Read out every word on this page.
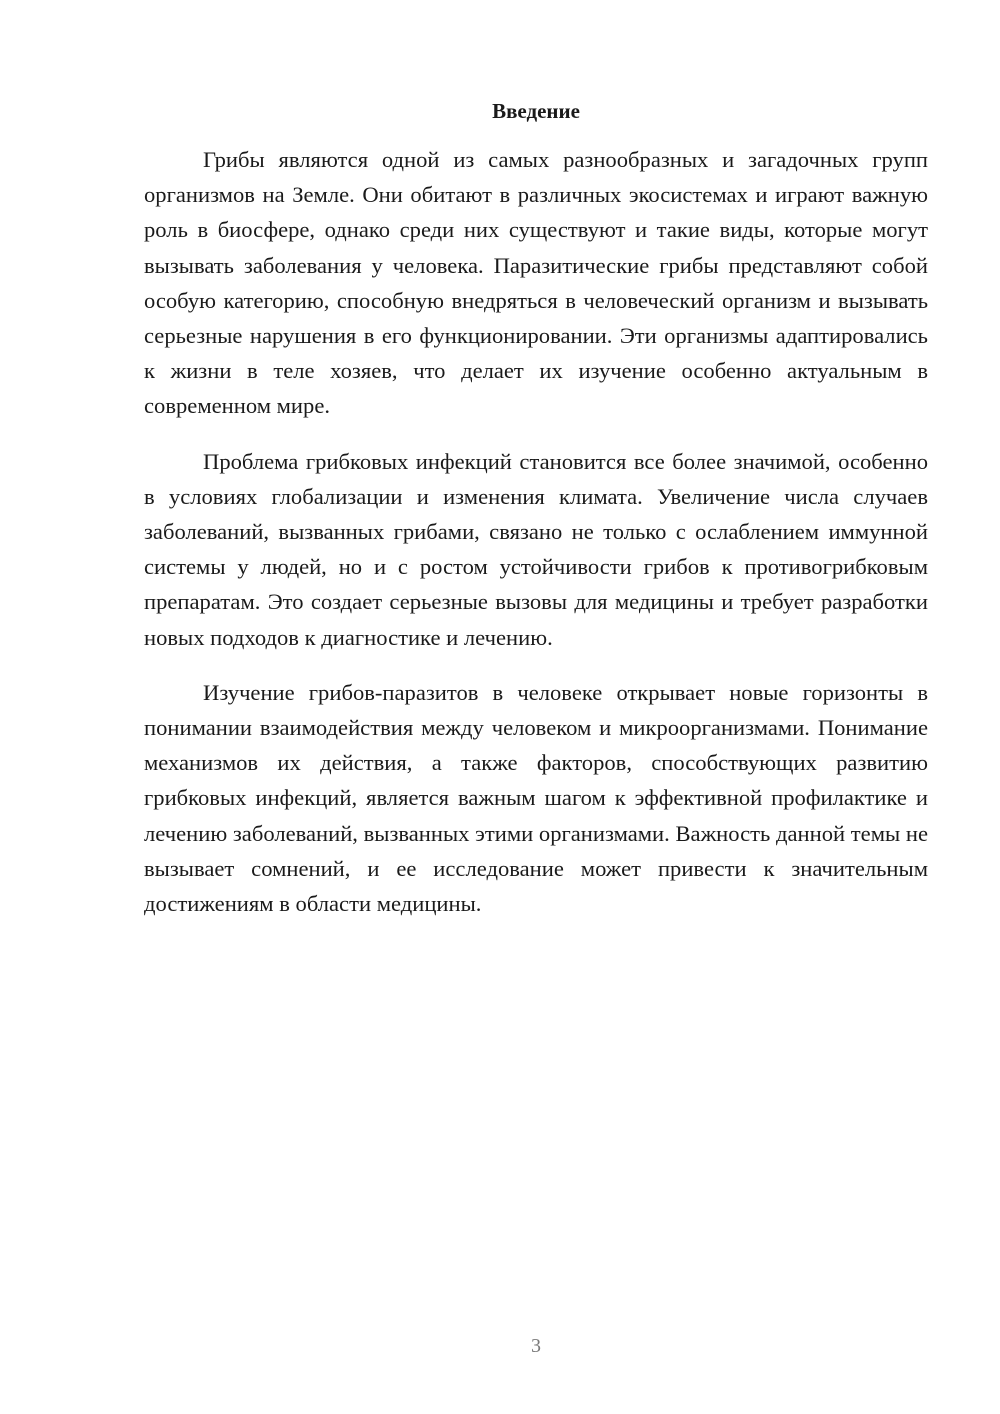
Введение

Грибы являются одной из самых разнообразных и загадочных групп организмов на Земле. Они обитают в различных экосистемах и играют важную роль в биосфере, однако среди них существуют и такие виды, которые могут вызывать заболевания у человека. Паразитические грибы представляют собой особую категорию, способную внедряться в человеческий организм и вызывать серьезные нарушения в его функционировании. Эти организмы адаптировались к жизни в теле хозяев, что делает их изучение особенно актуальным в современном мире.

Проблема грибковых инфекций становится все более значимой, особенно в условиях глобализации и изменения климата. Увеличение числа случаев заболеваний, вызванных грибами, связано не только с ослаблением иммунной системы у людей, но и с ростом устойчивости грибов к противогрибковым препаратам. Это создает серьезные вызовы для медицины и требует разработки новых подходов к диагностике и лечению.

Изучение грибов-паразитов в человеке открывает новые горизонты в понимании взаимодействия между человеком и микроорганизмами. Понимание механизмов их действия, а также факторов, способствующих развитию грибковых инфекций, является важным шагом к эффективной профилактике и лечению заболеваний, вызванных этими организмами. Важность данной темы не вызывает сомнений, и ее исследование может привести к значительным достижениям в области медицины.

3
